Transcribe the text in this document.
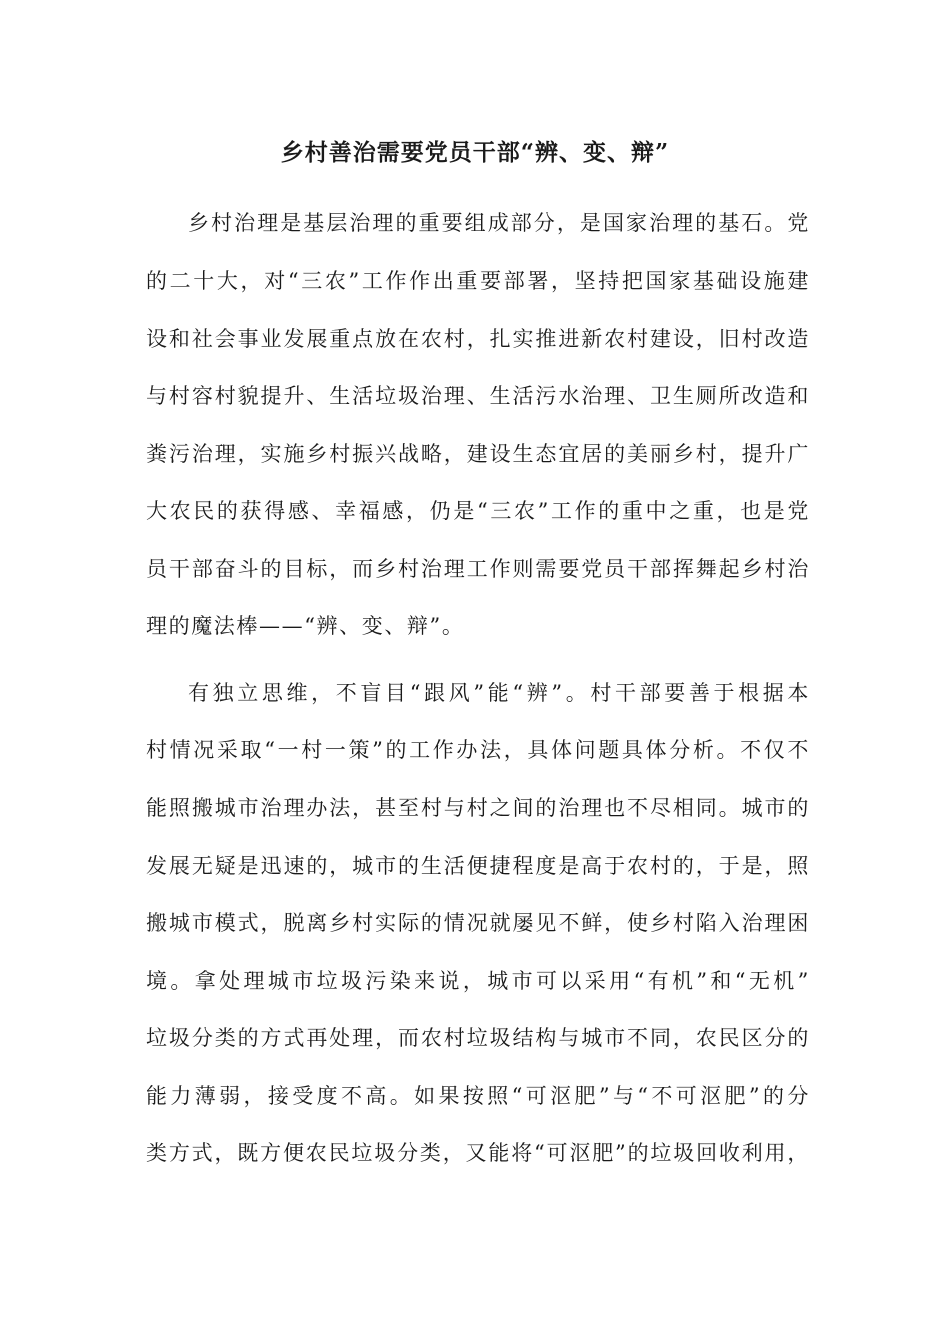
乡村善治需要党员干部“辨、变、辩”

乡村治理是基层治理的重要组成部分，是国家治理的基石。党

的二十大，对“三农”工作作出重要部署，坚持把国家基础设施建

设和社会事业发展重点放在农村，扎实推进新农村建设，旧村改造

与村容村貌提升、生活垃圾治理、生活污水治理、卫生厕所改造和

粪污治理，实施乡村振兴战略，建设生态宜居的美丽乡村，提升广

大农民的获得感、幸福感，仍是“三农”工作的重中之重，也是党

员干部奋斗的目标，而乡村治理工作则需要党员干部挥舞起乡村治

理的魔法棒——“辨、变、辩”。

有独立思维，不盲目“跟风”能“辨”。村干部要善于根据本

村情况采取“一村一策”的工作办法，具体问题具体分析。不仅不

能照搬城市治理办法，甚至村与村之间的治理也不尽相同。城市的

发展无疑是迅速的，城市的生活便捷程度是高于农村的，于是，照

搬城市模式，脱离乡村实际的情况就屡见不鲜，使乡村陷入治理困

境。拿处理城市垃圾污染来说，城市可以采用“有机”和“无机”

垃圾分类的方式再处理，而农村垃圾结构与城市不同，农民区分的

能力薄弱，接受度不高。如果按照“可沤肥”与“不可沤肥”的分

类方式，既方便农民垃圾分类，又能将“可沤肥”的垃圾回收利用，
